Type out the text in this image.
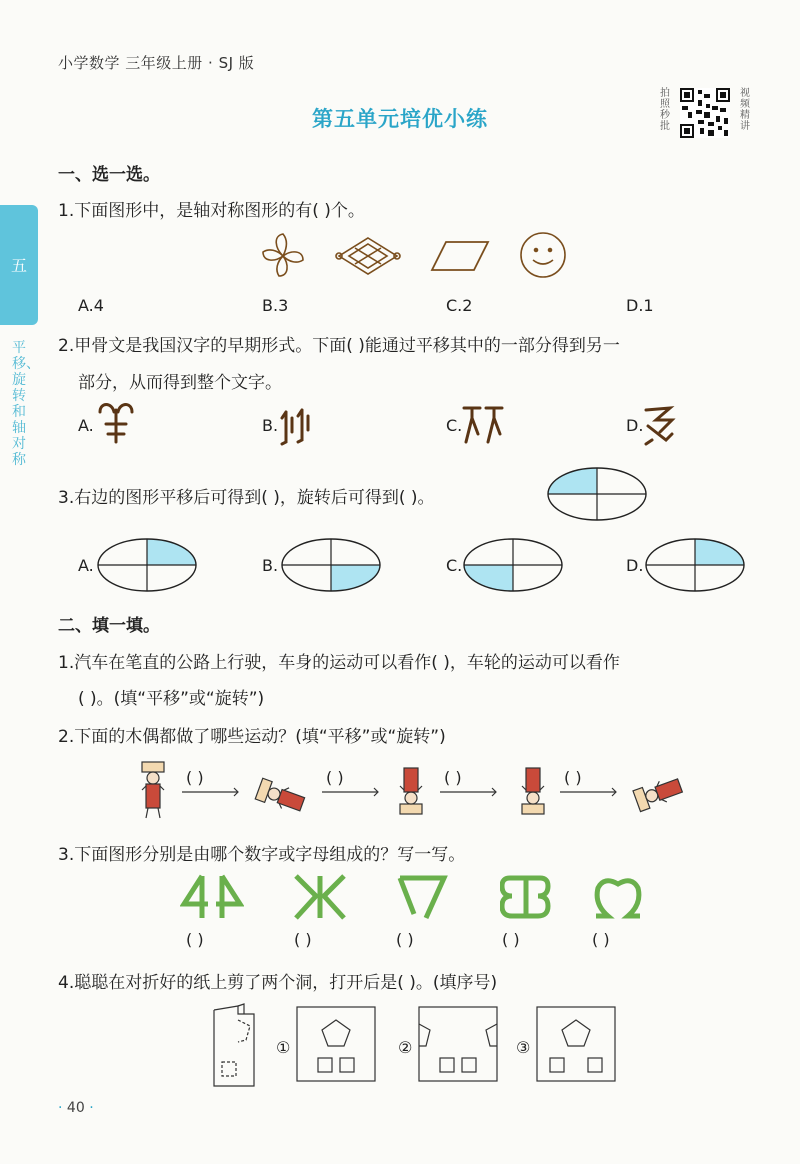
小学数学 三年级上册 · SJ 版
第五单元培优小练
拍照秒批
视频精讲
五
平移、旋转和轴对称
一、选一选。
1.下面图形中，是轴对称图形的有( )个。
A.4	B.3	C.2	D.1
2.甲骨文是我国汉字的早期形式。下面( )能通过平移其中的一部分得到另一
部分，从而得到整个文字。
A.	B.	C.	D.
3.右边的图形平移后可得到( )，旋转后可得到( )。
A.	B.	C.	D.
二、填一填。
1.汽车在笔直的公路上行驶，车身的运动可以看作( )，车轮的运动可以看作
( )。(填“平移”或“旋转”)
2.下面的木偶都做了哪些运动？(填“平移”或“旋转”)
( )	( )	( )	( )
3.下面图形分别是由哪个数字或字母组成的？写一写。
( )	( )	( )	( )	( )
4.聪聪在对折好的纸上剪了两个洞，打开后是( )。(填序号)
①	②	③
· 40 ·
